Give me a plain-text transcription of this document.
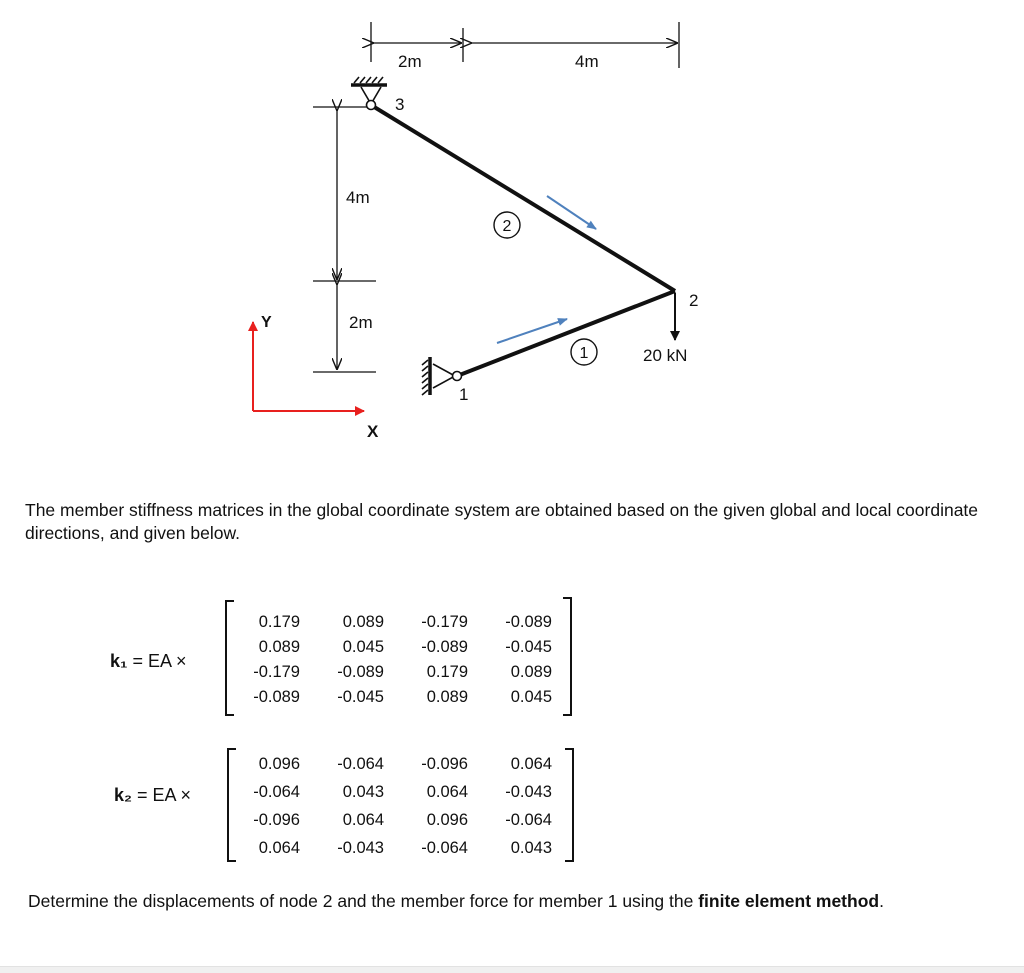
2m	4m
4m
2m
3
1
2
2
1	20 kN
Y
X

The member stiffness matrices in the global coordinate system are obtained based on the given global and local coordinate directions, and given below.

k₁ = EA ×
0.179	0.089	-0.179	-0.089
0.089	0.045	-0.089	-0.045
-0.179	-0.089	0.179	0.089
-0.089	-0.045	0.089	0.045
k₂ = EA ×
0.096	-0.064	-0.096	0.064
-0.064	0.043	0.064	-0.043
-0.096	0.064	0.096	-0.064
0.064	-0.043	-0.064	0.043

Determine the displacements of node 2 and the member force for member 1 using the finite element method.
